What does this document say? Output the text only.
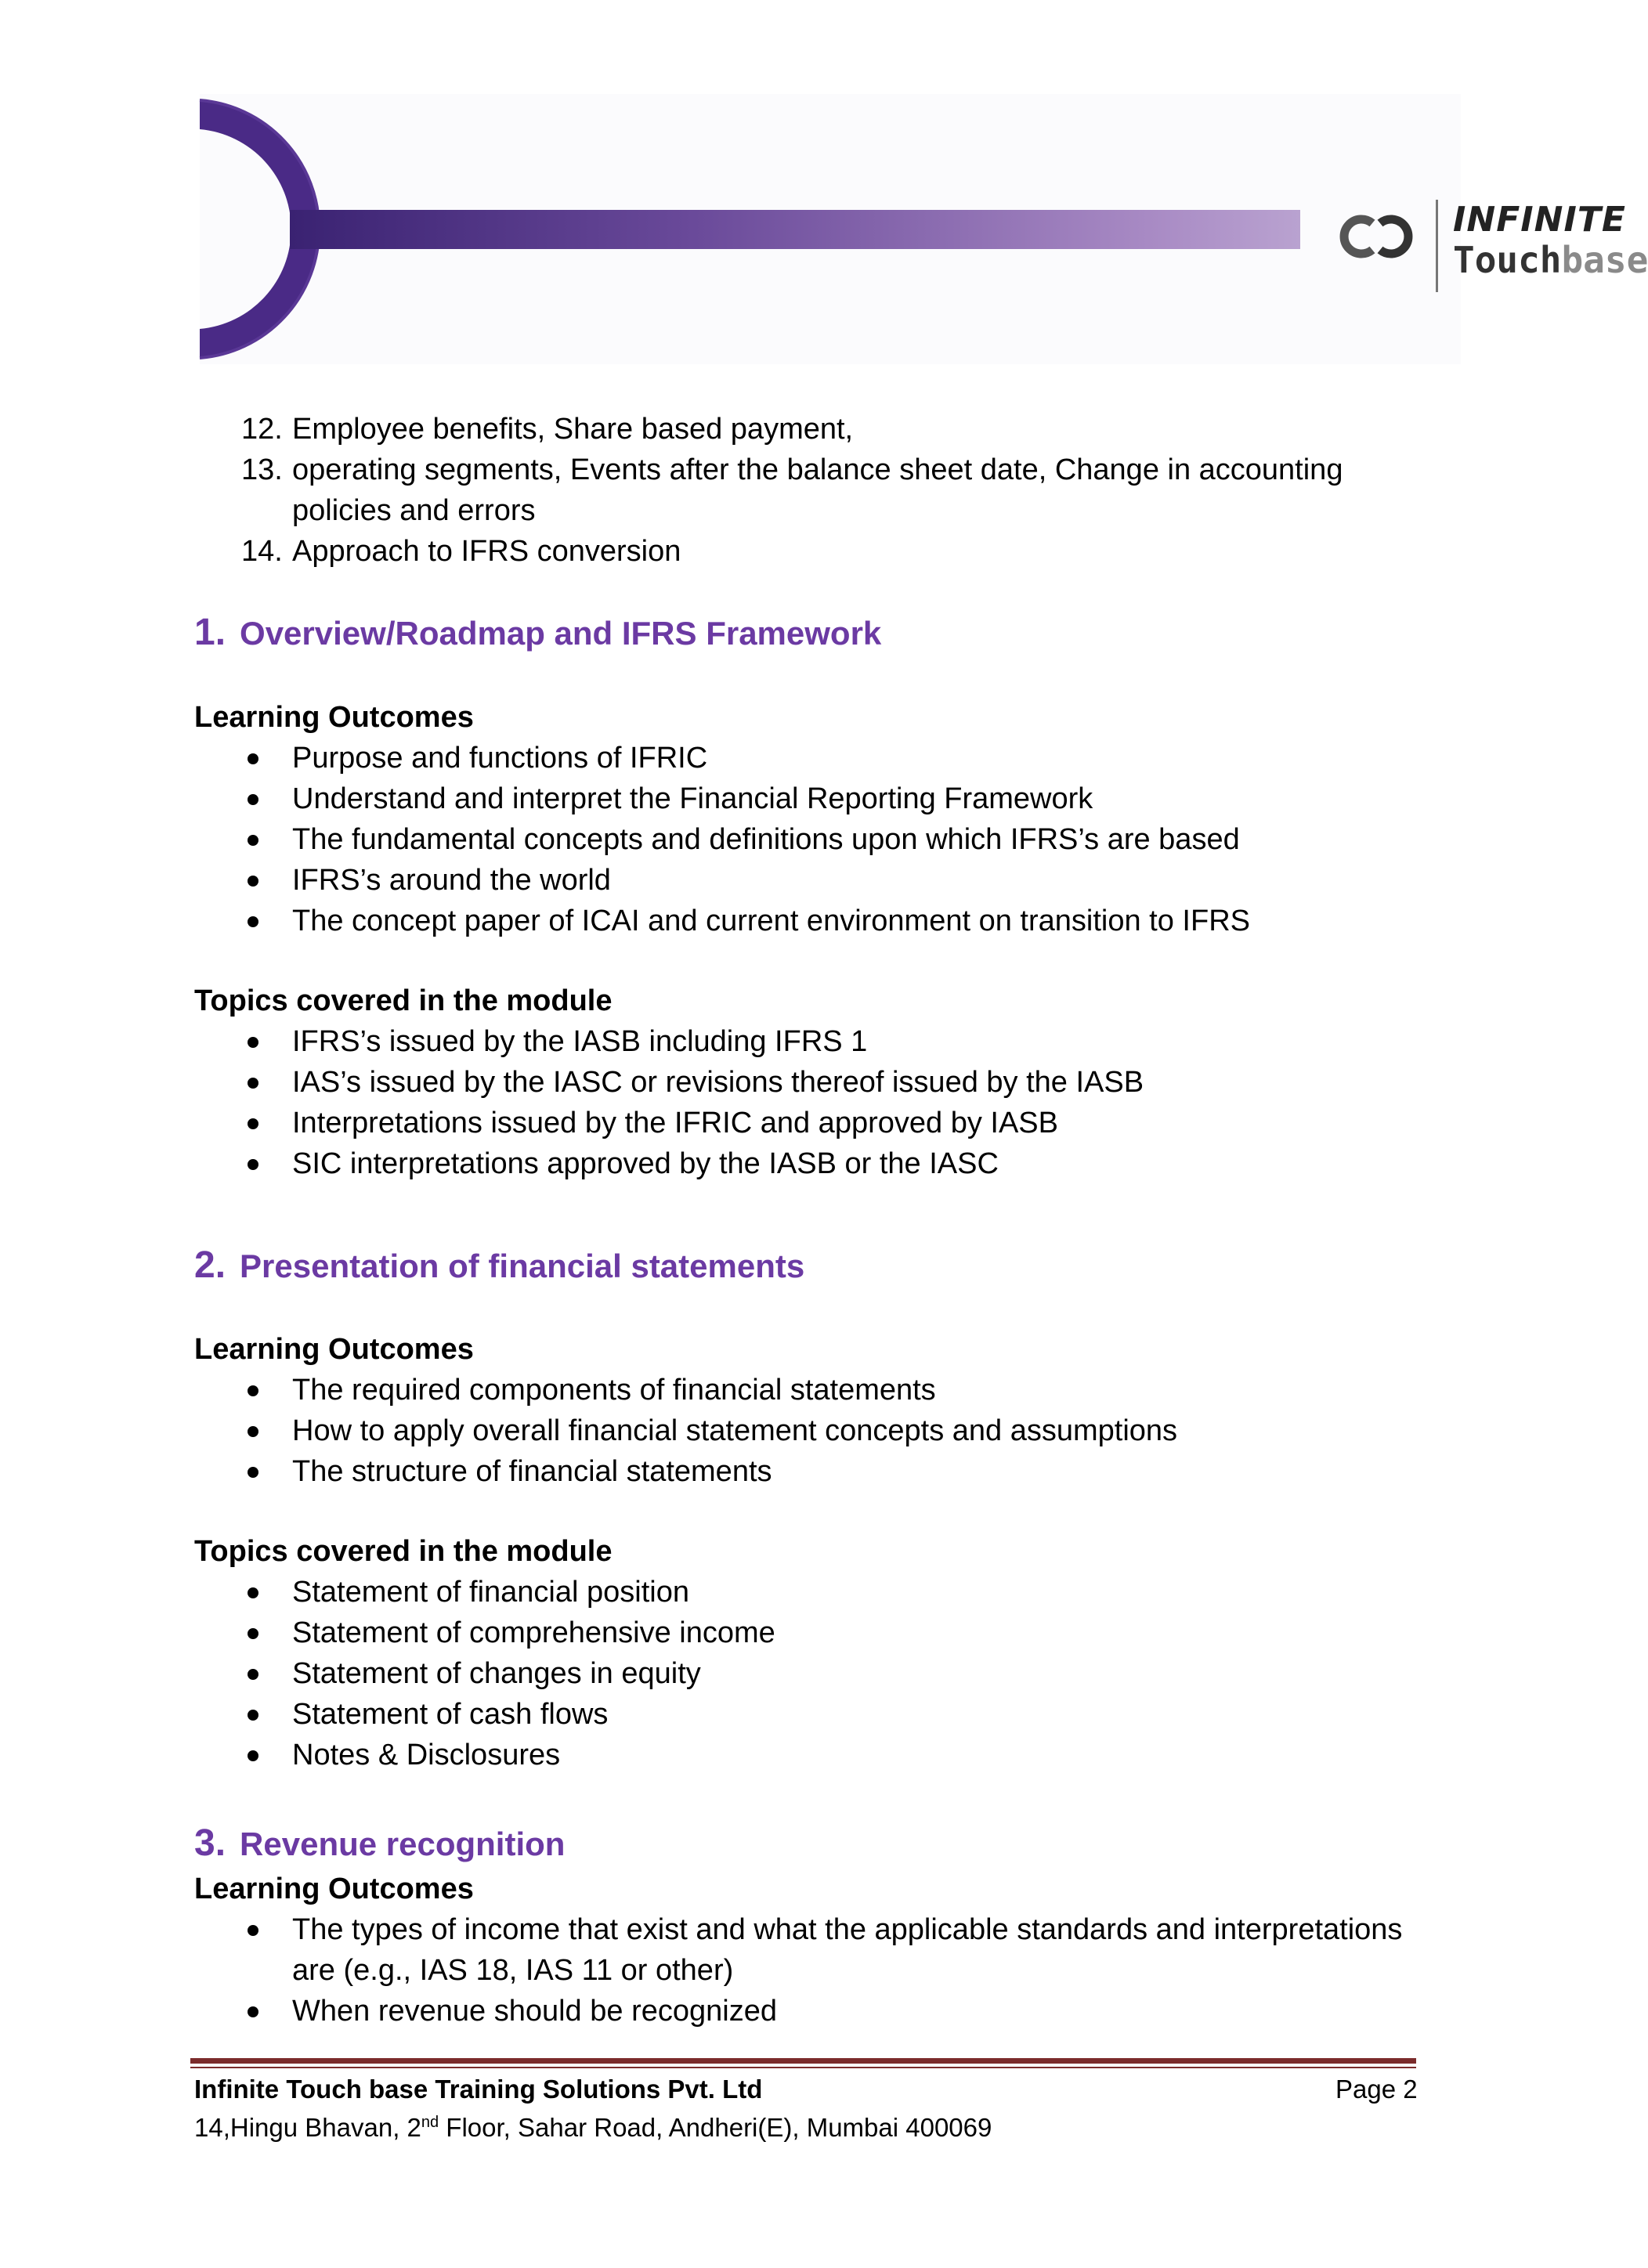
INFINITE
Touchbase
12. Employee benefits, Share based payment,
13. operating segments, Events after the balance sheet date, Change in accounting
policies and errors
14. Approach to IFRS conversion
1. Overview/Roadmap and IFRS Framework
Learning Outcomes
Purpose and functions of IFRIC
Understand and interpret the Financial Reporting Framework
The fundamental concepts and definitions upon which IFRS’s are based
IFRS’s around the world
The concept paper of ICAI and current environment on transition to IFRS
Topics covered in the module
IFRS’s issued by the IASB including IFRS 1
IAS’s issued by the IASC or revisions thereof issued by the IASB
Interpretations issued by the IFRIC and approved by IASB
SIC interpretations approved by the IASB or the IASC
2. Presentation of financial statements
Learning Outcomes
The required components of financial statements
How to apply overall financial statement concepts and assumptions
The structure of financial statements
Topics covered in the module
Statement of financial position
Statement of comprehensive income
Statement of changes in equity
Statement of cash flows
Notes & Disclosures
3. Revenue recognition
Learning Outcomes
The types of income that exist and what the applicable standards and interpretations
are (e.g., IAS 18, IAS 11 or other)
When revenue should be recognized
Infinite Touch base Training Solutions Pvt. Ltd	Page 2
14,Hingu Bhavan, 2nd Floor, Sahar Road, Andheri(E), Mumbai 400069
